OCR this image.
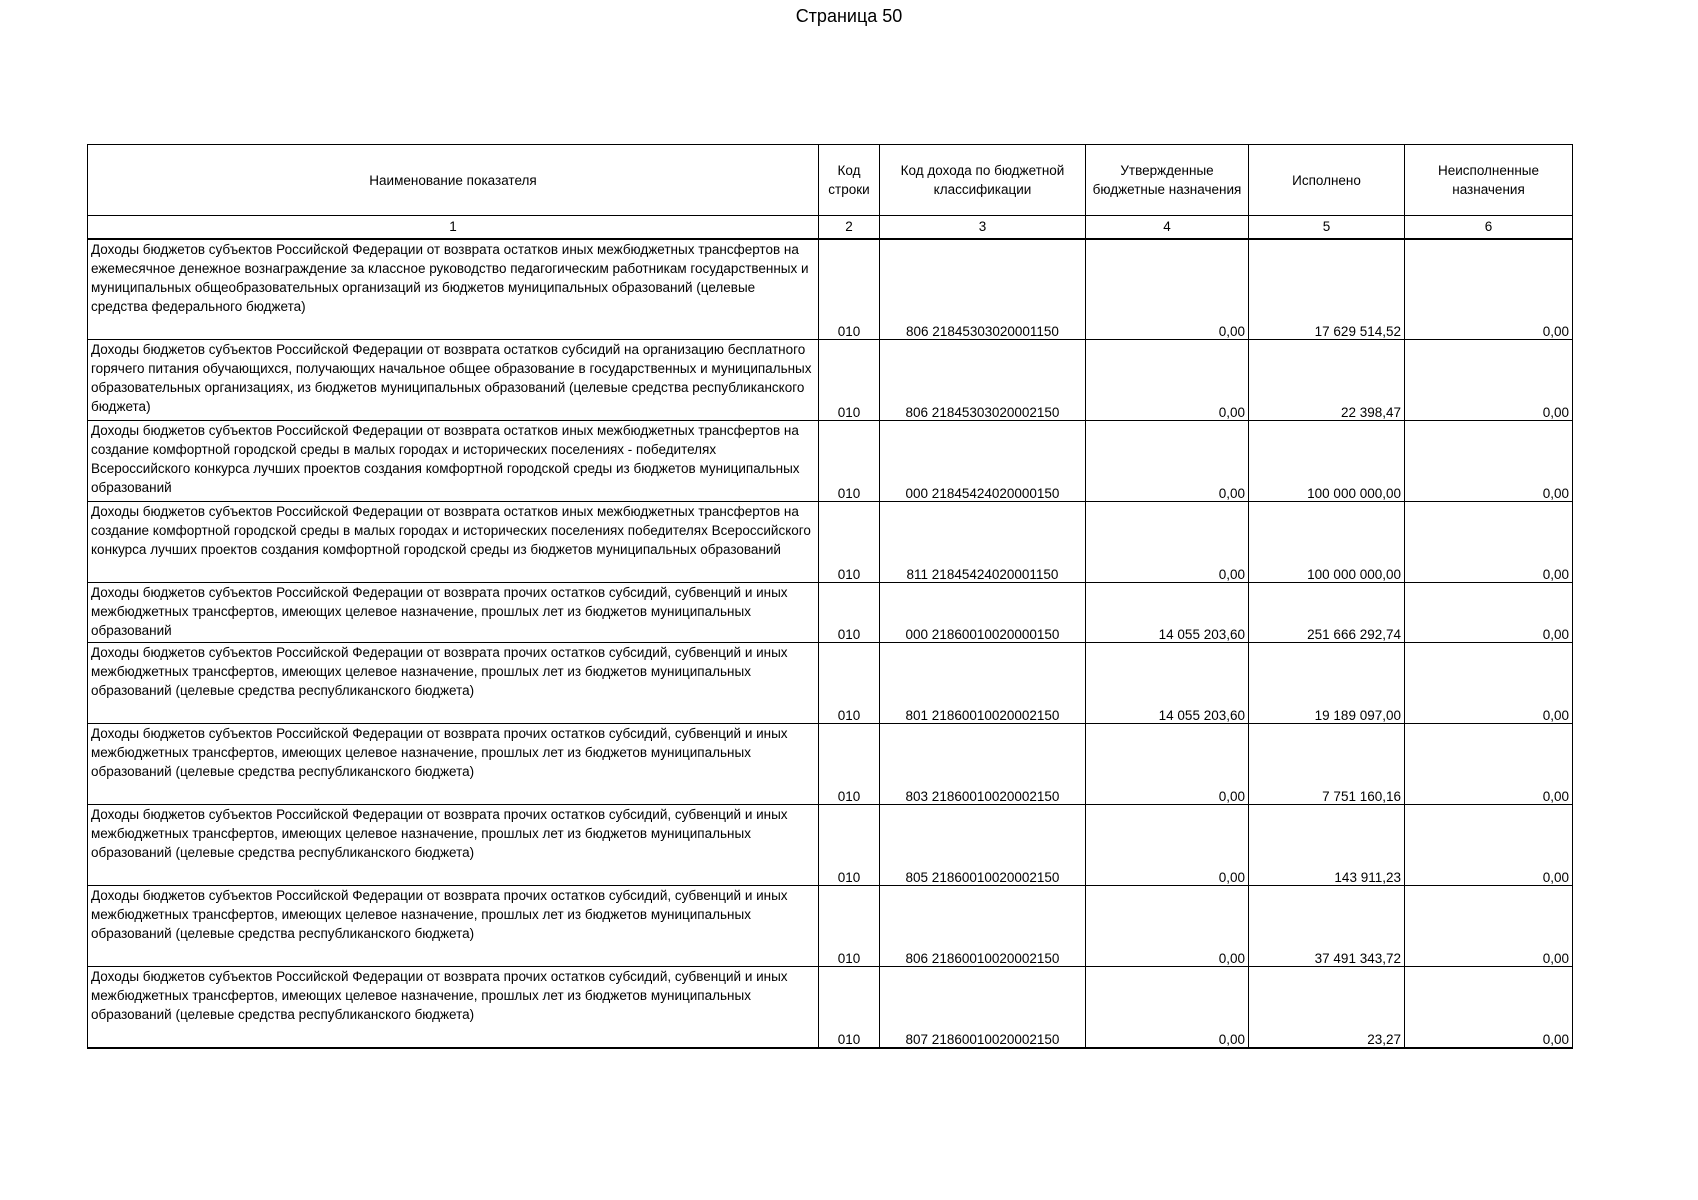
Страница 50
Наименование показателя	Код строки	Код дохода по бюджетной классификации	Утвержденные бюджетные назначения	Исполнено	Неисполненные назначения
1	2	3	4	5	6
Доходы бюджетов субъектов Российской Федерации от возврата остатков иных межбюджетных трансфертов на ежемесячное денежное вознаграждение за классное руководство педагогическим работникам государственных и муниципальных общеобразовательных организаций из бюджетов муниципальных образований (целевые средства федерального бюджета)	010	806 21845303020001150	0,00	17 629 514,52	0,00
Доходы бюджетов субъектов Российской Федерации от возврата остатков субсидий на организацию бесплатного горячего питания обучающихся, получающих начальное общее образование в государственных и муниципальных образовательных организациях, из бюджетов муниципальных образований (целевые средства республиканского бюджета)	010	806 21845303020002150	0,00	22 398,47	0,00
Доходы бюджетов субъектов Российской Федерации от возврата остатков иных межбюджетных трансфертов на создание комфортной городской среды в малых городах и исторических поселениях - победителях Всероссийского конкурса лучших проектов создания комфортной городской среды из бюджетов муниципальных образований	010	000 21845424020000150	0,00	100 000 000,00	0,00
Доходы бюджетов субъектов Российской Федерации от возврата остатков иных межбюджетных трансфертов на создание комфортной городской среды в малых городах и исторических поселениях победителях Всероссийского конкурса лучших проектов создания комфортной городской среды из бюджетов муниципальных образований	010	811 21845424020001150	0,00	100 000 000,00	0,00
Доходы бюджетов субъектов Российской Федерации от возврата прочих остатков субсидий, субвенций и иных межбюджетных трансфертов, имеющих целевое назначение, прошлых лет из бюджетов муниципальных образований	010	000 21860010020000150	14 055 203,60	251 666 292,74	0,00
Доходы бюджетов субъектов Российской Федерации от возврата прочих остатков субсидий, субвенций и иных межбюджетных трансфертов, имеющих целевое назначение, прошлых лет из бюджетов муниципальных образований (целевые средства республиканского бюджета)	010	801 21860010020002150	14 055 203,60	19 189 097,00	0,00
Доходы бюджетов субъектов Российской Федерации от возврата прочих остатков субсидий, субвенций и иных межбюджетных трансфертов, имеющих целевое назначение, прошлых лет из бюджетов муниципальных образований (целевые средства республиканского бюджета)	010	803 21860010020002150	0,00	7 751 160,16	0,00
Доходы бюджетов субъектов Российской Федерации от возврата прочих остатков субсидий, субвенций и иных межбюджетных трансфертов, имеющих целевое назначение, прошлых лет из бюджетов муниципальных образований (целевые средства республиканского бюджета)	010	805 21860010020002150	0,00	143 911,23	0,00
Доходы бюджетов субъектов Российской Федерации от возврата прочих остатков субсидий, субвенций и иных межбюджетных трансфертов, имеющих целевое назначение, прошлых лет из бюджетов муниципальных образований (целевые средства республиканского бюджета)	010	806 21860010020002150	0,00	37 491 343,72	0,00
Доходы бюджетов субъектов Российской Федерации от возврата прочих остатков субсидий, субвенций и иных межбюджетных трансфертов, имеющих целевое назначение, прошлых лет из бюджетов муниципальных образований (целевые средства республиканского бюджета)	010	807 21860010020002150	0,00	23,27	0,00
